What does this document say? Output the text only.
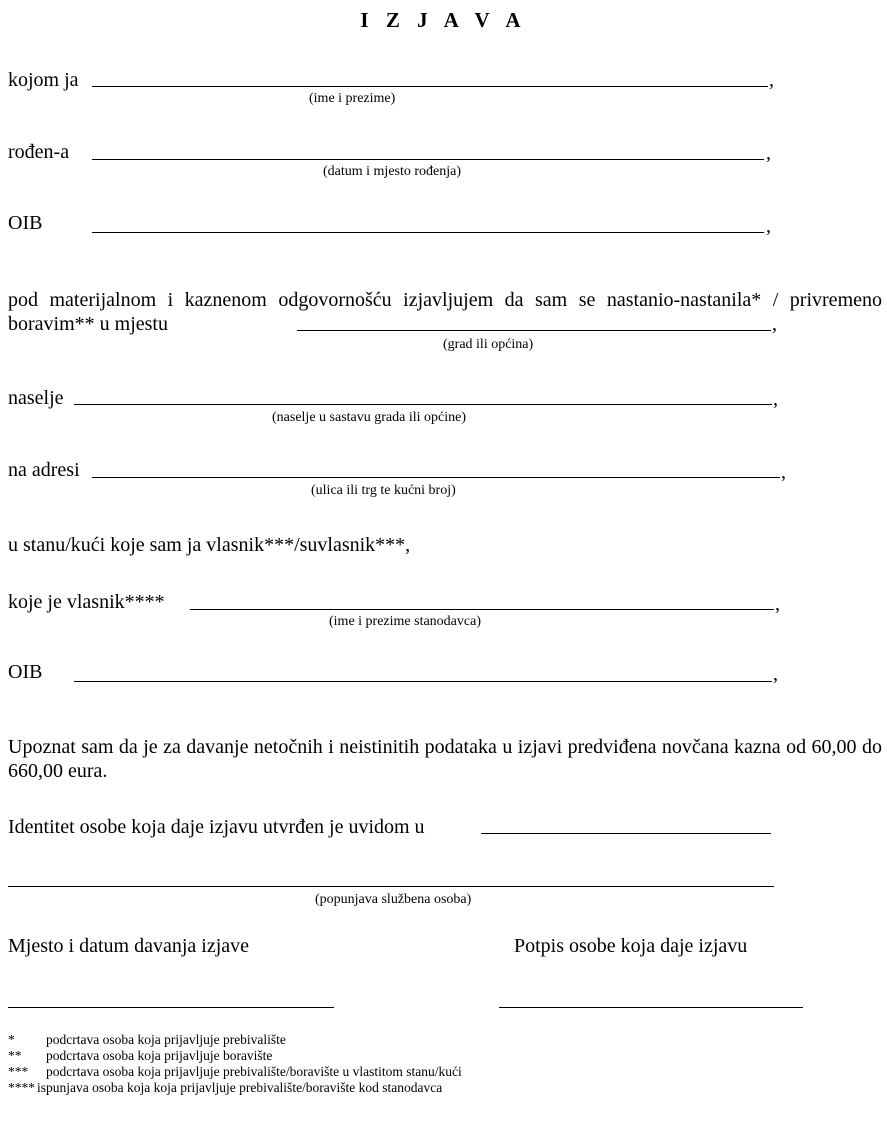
I Z J A V A
kojom ja	,
(ime i prezime)
rođen-a	,
(datum i mjesto rođenja)
OIB	,
pod materijalnom i kaznenom odgovornošću izjavljujem da sam se nastanio-nastanila* / privremeno boravim** u mjestu	,
(grad ili općina)
naselje	,
(naselje u sastavu grada ili općine)
na adresi	,
(ulica ili trg te kućni broj)
u stanu/kući koje sam ja vlasnik***/suvlasnik***,
koje je vlasnik****	,
(ime i prezime stanodavca)
OIB	,
Upoznat sam da je za davanje netočnih i neistinitih podataka u izjavi predviđena novčana kazna od 60,00 do 660,00 eura.
Identitet osobe koja daje izjavu utvrđen je uvidom u
(popunjava službena osoba)
Mjesto i datum davanja izjave	Potpis osobe koja daje izjavu
* podcrtava osoba koja prijavljuje prebivalište
** podcrtava osoba koja prijavljuje boravište
*** podcrtava osoba koja prijavljuje prebivalište/boravište u vlastitom stanu/kući
**** ispunjava osoba koja koja prijavljuje prebivalište/boravište kod stanodavca
